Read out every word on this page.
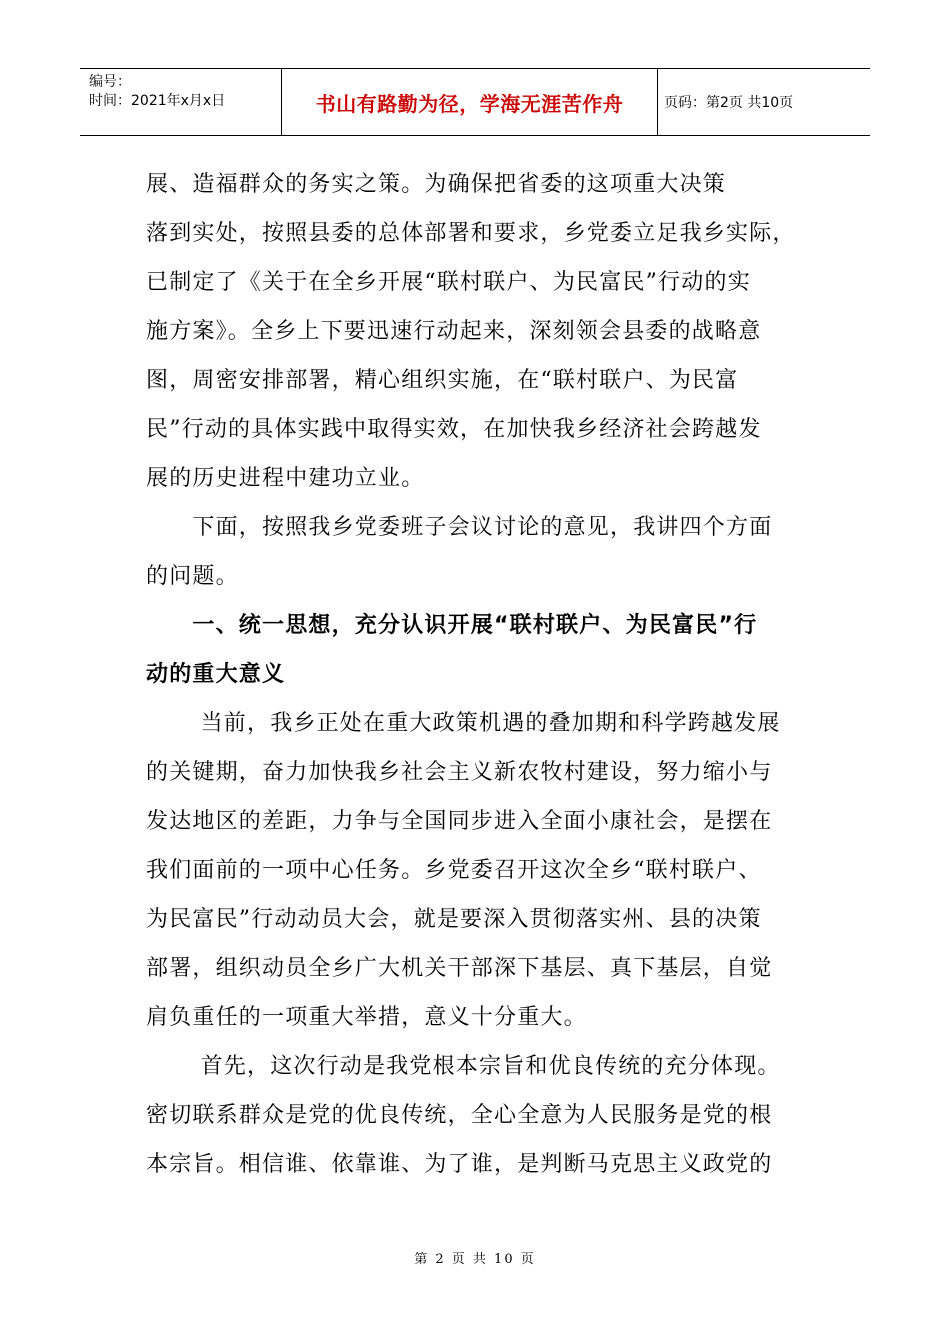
编号：
时间：2021年x月x日	书山有路勤为径，学海无涯苦作舟	页码：第2页 共10页
展、造福群众的务实之策。为确保把省委的这项重大决策
落到实处，按照县委的总体部署和要求，乡党委立足我乡实际，
已制定了《关于在全乡开展“联村联户、为民富民”行动的实
施方案》。全乡上下要迅速行动起来，深刻领会县委的战略意
图，周密安排部署，精心组织实施，在“联村联户、为民富
民”行动的具体实践中取得实效，在加快我乡经济社会跨越发
展的历史进程中建功立业。
　　下面，按照我乡党委班子会议讨论的意见，我讲四个方面
的问题。
　　一、统一思想，充分认识开展“联村联户、为民富民”行
动的重大意义
　　 当前，我乡正处在重大政策机遇的叠加期和科学跨越发展
的关键期，奋力加快我乡社会主义新农牧村建设，努力缩小与
发达地区的差距，力争与全国同步进入全面小康社会，是摆在
我们面前的一项中心任务。乡党委召开这次全乡“联村联户、
为民富民”行动动员大会，就是要深入贯彻落实州、县的决策
部署，组织动员全乡广大机关干部深下基层、真下基层，自觉
肩负重任的一项重大举措，意义十分重大。
　　 首先，这次行动是我党根本宗旨和优良传统的充分体现。
密切联系群众是党的优良传统，全心全意为人民服务是党的根
本宗旨。相信谁、依靠谁、为了谁，是判断马克思主义政党的
第 2 页 共 10 页
